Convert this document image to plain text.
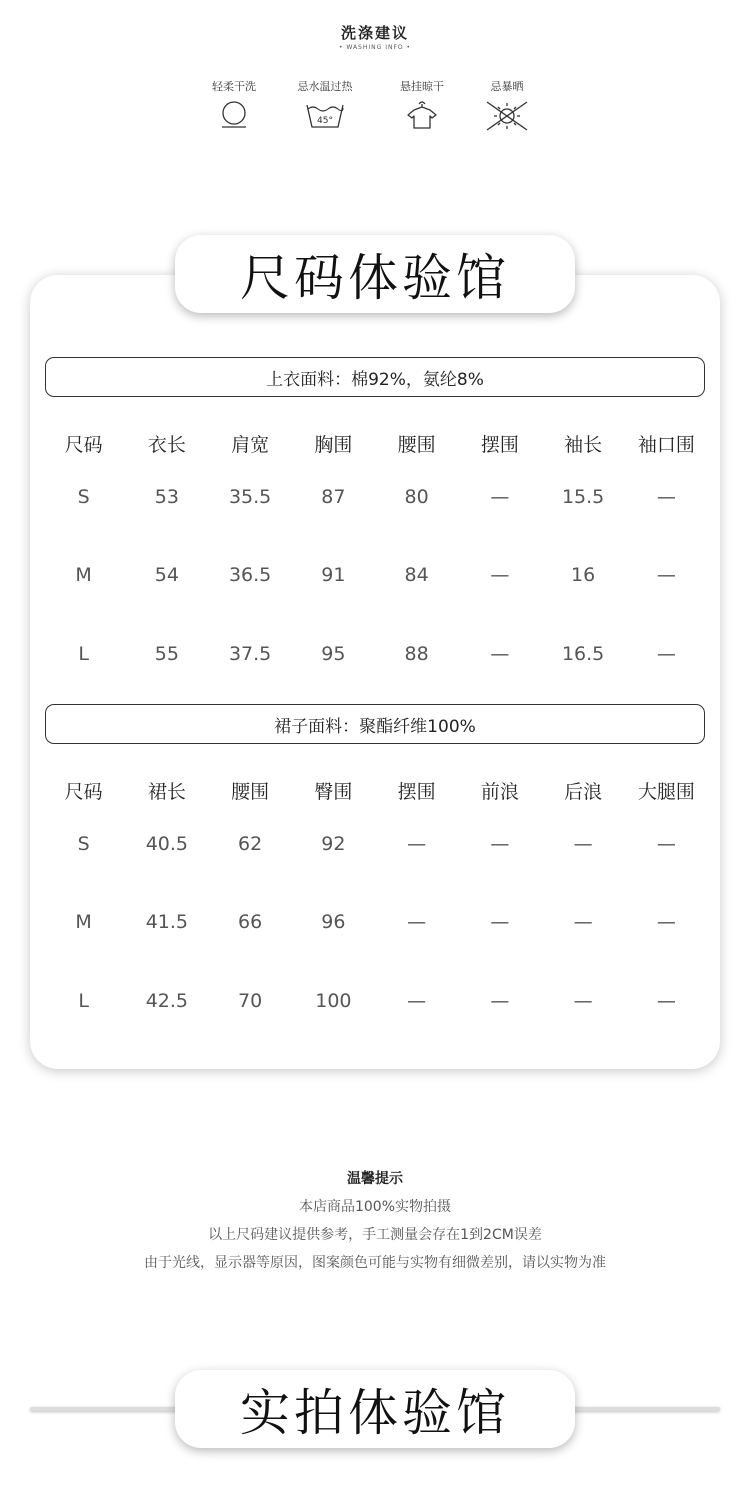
洗涤建议
• WASHING INFO •
轻柔干洗	忌水温过热
45°
悬挂晾干	忌暴晒
尺码体验馆
上衣面料：棉92%，氨纶8%
尺码	衣长	肩宽	胸围	腰围	摆围	袖长	袖口围
S	53	35.5	87	80	—	15.5	—
M	54	36.5	91	84	—	16	—
L	55	37.5	95	88	—	16.5	—
裙子面料：聚酯纤维100%
尺码	裙长	腰围	臀围	摆围	前浪	后浪	大腿围
S	40.5	62	92	—	—	—	—
M	41.5	66	96	—	—	—	—
L	42.5	70	100	—	—	—	—
温馨提示
本店商品100%实物拍摄
以上尺码建议提供参考，手工测量会存在1到2CM误差
由于光线，显示器等原因，图案颜色可能与实物有细微差别，请以实物为准
实拍体验馆
